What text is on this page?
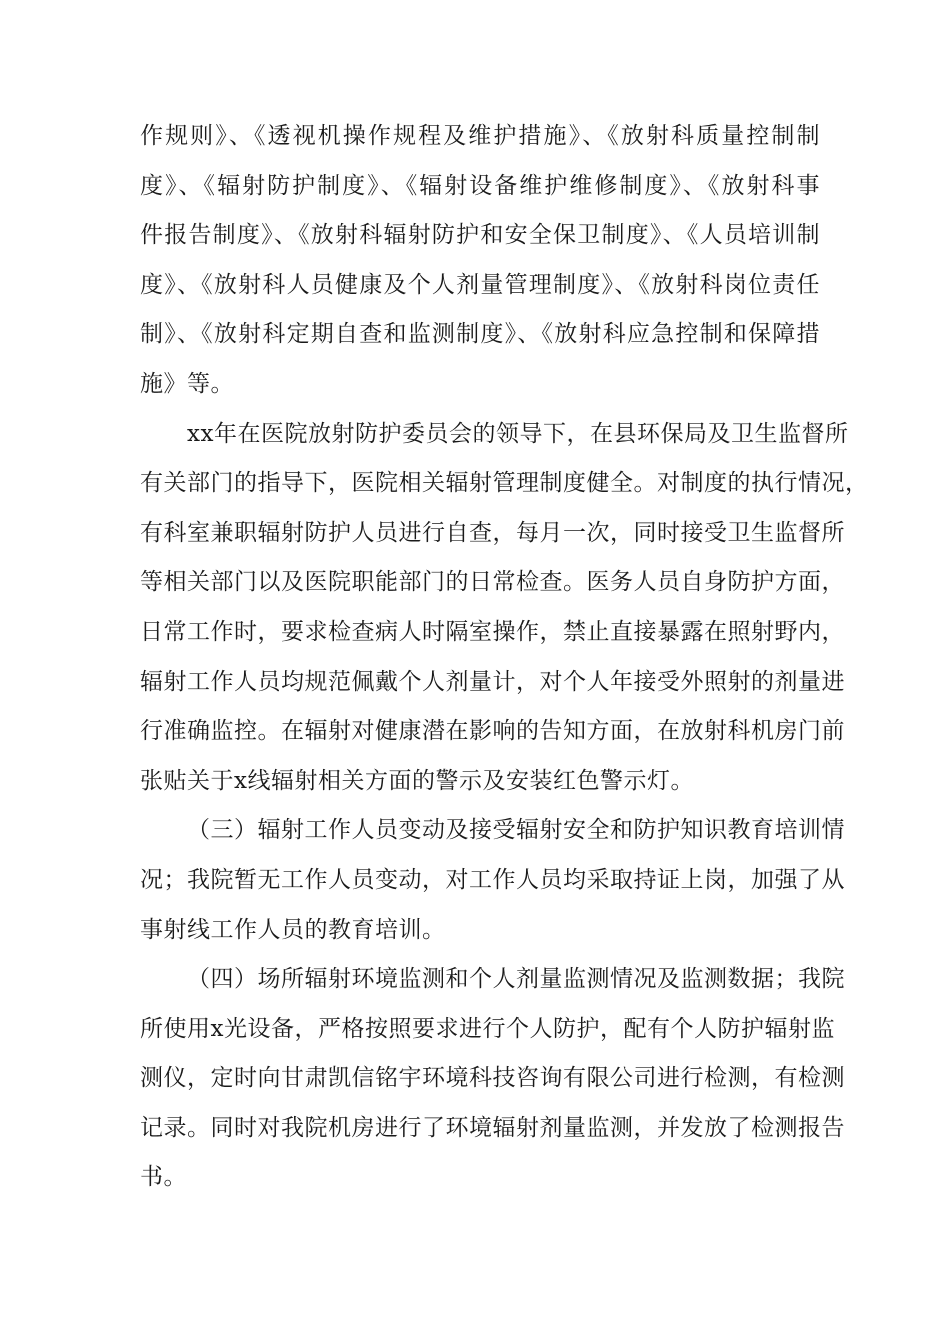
作规则》、《透视机操作规程及维护措施》、《放射科质量控制制
度》、《辐射防护制度》、《辐射设备维护维修制度》、《放射科事
件报告制度》、《放射科辐射防护和安全保卫制度》、《人员培训制
度》、《放射科人员健康及个人剂量管理制度》、《放射科岗位责任
制》、《放射科定期自查和监测制度》、《放射科应急控制和保障措
施》等。
xx年在医院放射防护委员会的领导下，在县环保局及卫生监督所
有关部门的指导下，医院相关辐射管理制度健全。对制度的执行情况，
有科室兼职辐射防护人员进行自查，每月一次，同时接受卫生监督所
等相关部门以及医院职能部门的日常检查。医务人员自身防护方面，
日常工作时，要求检查病人时隔室操作，禁止直接暴露在照射野内，
辐射工作人员均规范佩戴个人剂量计，对个人年接受外照射的剂量进
行准确监控。在辐射对健康潜在影响的告知方面，在放射科机房门前
张贴关于x线辐射相关方面的警示及安装红色警示灯。
（三）辐射工作人员变动及接受辐射安全和防护知识教育培训情
况；我院暂无工作人员变动，对工作人员均采取持证上岗，加强了从
事射线工作人员的教育培训。
（四）场所辐射环境监测和个人剂量监测情况及监测数据；我院
所使用x光设备，严格按照要求进行个人防护，配有个人防护辐射监
测仪，定时向甘肃凯信铭宇环境科技咨询有限公司进行检测，有检测
记录。同时对我院机房进行了环境辐射剂量监测，并发放了检测报告
书。
